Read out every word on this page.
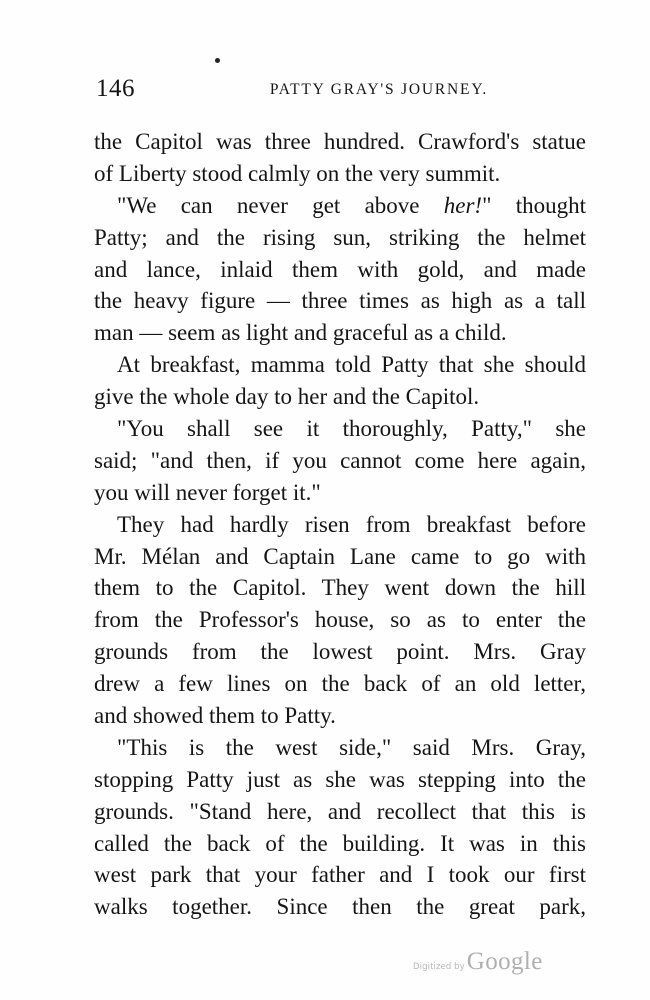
146	PATTY GRAY'S JOURNEY.
the Capitol was three hundred. Crawford's statue
of Liberty stood calmly on the very summit.
"We can never get above her!" thought
Patty; and the rising sun, striking the helmet
and lance, inlaid them with gold, and made
the heavy figure — three times as high as a tall
man — seem as light and graceful as a child.
At breakfast, mamma told Patty that she should
give the whole day to her and the Capitol.
"You shall see it thoroughly, Patty," she
said; "and then, if you cannot come here again,
you will never forget it."
They had hardly risen from breakfast before
Mr. Mélan and Captain Lane came to go with
them to the Capitol. They went down the hill
from the Professor's house, so as to enter the
grounds from the lowest point. Mrs. Gray
drew a few lines on the back of an old letter,
and showed them to Patty.
"This is the west side," said Mrs. Gray,
stopping Patty just as she was stepping into the
grounds. "Stand here, and recollect that this is
called the back of the building. It was in this
west park that your father and I took our first
walks together. Since then the great park,
Digitized by Google
